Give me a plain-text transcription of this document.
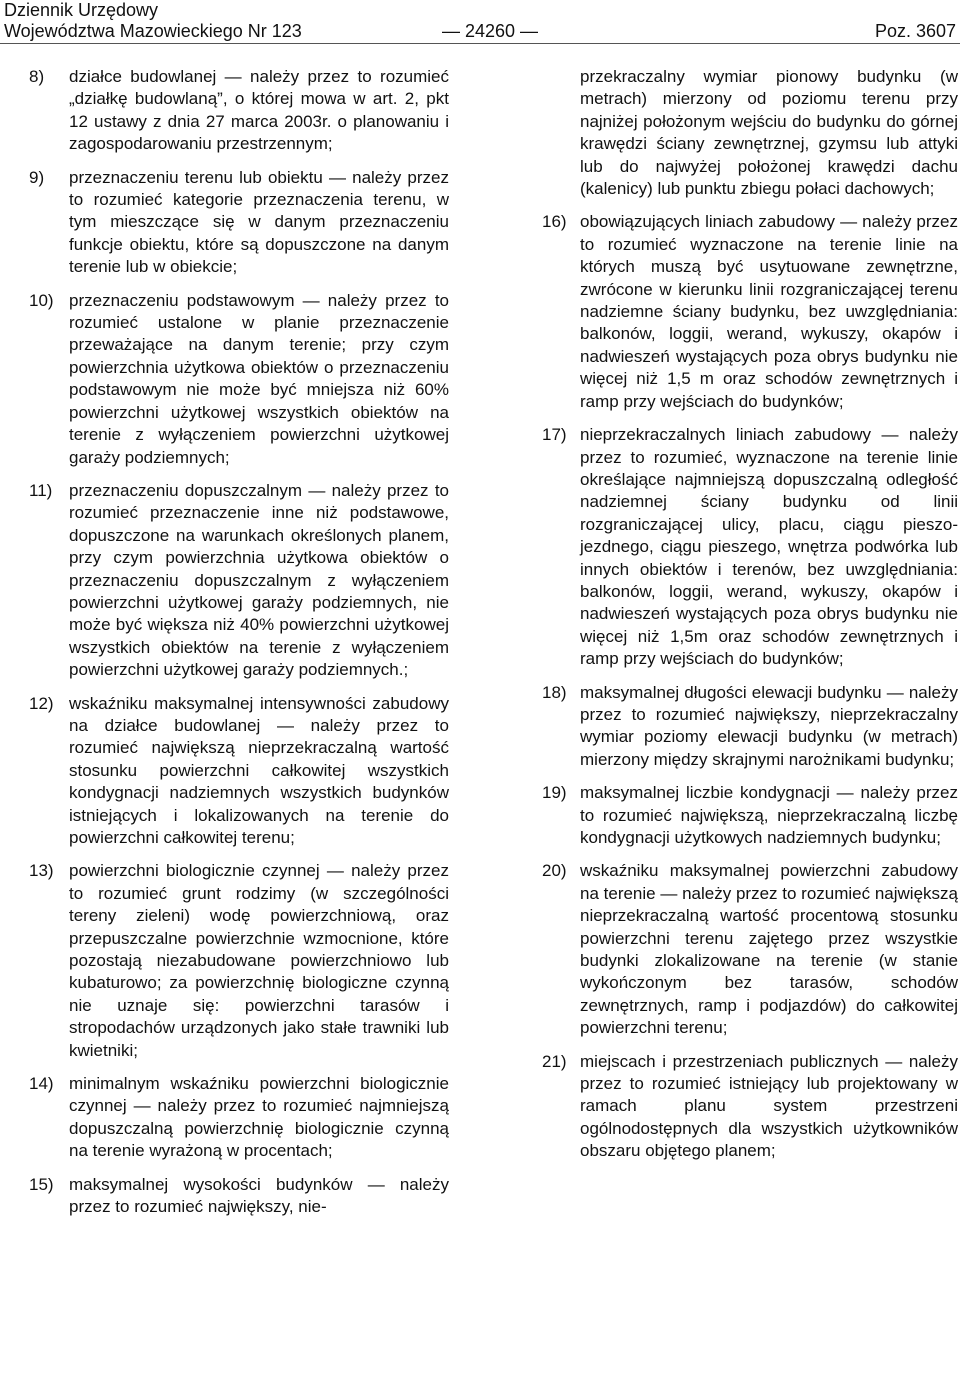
Dziennik Urzędowy
Województwa Mazowieckiego Nr 123	— 24260 —	Poz. 3607
8) działce budowlanej — należy przez to rozumieć „działkę budowlaną”, o której mowa w art. 2, pkt 12 ustawy z dnia 27 marca 2003r. o planowaniu i zagospodarowaniu przestrzennym;
9) przeznaczeniu terenu lub obiektu — należy przez to rozumieć kategorie przeznaczenia terenu, w tym mieszczące się w danym przeznaczeniu funkcje obiektu, które są dopuszczone na danym terenie lub w obiekcie;
10) przeznaczeniu podstawowym — należy przez to rozumieć ustalone w planie przeznaczenie przeważające na danym terenie; przy czym powierzchnia użytkowa obiektów o przeznaczeniu podstawowym nie może być mniejsza niż 60% powierzchni użytkowej wszystkich obiektów na terenie z wyłączeniem powierzchni użytkowej garaży podziemnych;
11) przeznaczeniu dopuszczalnym — należy przez to rozumieć przeznaczenie inne niż podstawowe, dopuszczone na warunkach określonych planem, przy czym powierzchnia użytkowa obiektów o przeznaczeniu dopuszczalnym z wyłączeniem powierzchni użytkowej garaży podziemnych, nie może być większa niż 40% powierzchni użytkowej wszystkich obiektów na terenie z wyłączeniem powierzchni użytkowej garaży podziemnych.;
12) wskaźniku maksymalnej intensywności zabudowy na działce budowlanej — należy przez to rozumieć największą nieprzekraczalną wartość stosunku powierzchni całkowitej wszystkich kondygnacji nadziemnych wszystkich budynków istniejących i lokalizowanych na terenie do powierzchni całkowitej terenu;
13) powierzchni biologicznie czynnej — należy przez to rozumieć grunt rodzimy (w szczególności tereny zieleni) wodę powierzchniową, oraz przepuszczalne powierzchnie wzmocnione, które pozostają niezabudowane powierzchniowo lub kubaturowo; za powierzchnię biologiczne czynną nie uznaje się: powierzchni tarasów i stropodachów urządzonych jako stałe trawniki lub kwietniki;
14) minimalnym wskaźniku powierzchni biologicznie czynnej — należy przez to rozumieć najmniejszą dopuszczalną powierzchnię biologicznie czynną na terenie wyrażoną w procentach;
15) maksymalnej wysokości budynków — należy przez to rozumieć największy, nie-
przekraczalny wymiar pionowy budynku (w metrach) mierzony od poziomu terenu przy najniżej położonym wejściu do budynku do górnej krawędzi ściany zewnętrznej, gzymsu lub attyki lub do najwyżej położonej krawędzi dachu (kalenicy) lub punktu zbiegu połaci dachowych;
16) obowiązujących liniach zabudowy — należy przez to rozumieć wyznaczone na terenie linie na których muszą być usytuowane zewnętrzne, zwrócone w kierunku linii rozgraniczającej terenu nadziemne ściany budynku, bez uwzględniania: balkonów, loggii, werand, wykuszy, okapów i nadwieszeń wystających poza obrys budynku nie więcej niż 1,5 m oraz schodów zewnętrznych i ramp przy wejściach do budynków;
17) nieprzekraczalnych liniach zabudowy — należy przez to rozumieć, wyznaczone na terenie linie określające najmniejszą dopuszczalną odległość nadziemnej ściany budynku od linii rozgraniczającej ulicy, placu, ciągu pieszo-jezdnego, ciągu pieszego, wnętrza podwórka lub innych obiektów i terenów, bez uwzględniania: balkonów, loggii, werand, wykuszy, okapów i nadwieszeń wystających poza obrys budynku nie więcej niż 1,5m oraz schodów zewnętrznych i ramp przy wejściach do budynków;
18) maksymalnej długości elewacji budynku — należy przez to rozumieć największy, nieprzekraczalny wymiar poziomy elewacji budynku (w metrach) mierzony między skrajnymi narożnikami budynku;
19) maksymalnej liczbie kondygnacji — należy przez to rozumieć największą, nieprzekraczalną liczbę kondygnacji użytkowych nadziemnych budynku;
20) wskaźniku maksymalnej powierzchni zabudowy na terenie — należy przez to rozumieć największą nieprzekraczalną wartość procentową stosunku powierzchni terenu zajętego przez wszystkie budynki zlokalizowane na terenie (w stanie wykończonym bez tarasów, schodów zewnętrznych, ramp i podjazdów) do całkowitej powierzchni terenu;
21) miejscach i przestrzeniach publicznych — należy przez to rozumieć istniejący lub projektowany w ramach planu system przestrzeni ogólnodostępnych dla wszystkich użytkowników obszaru objętego planem;
